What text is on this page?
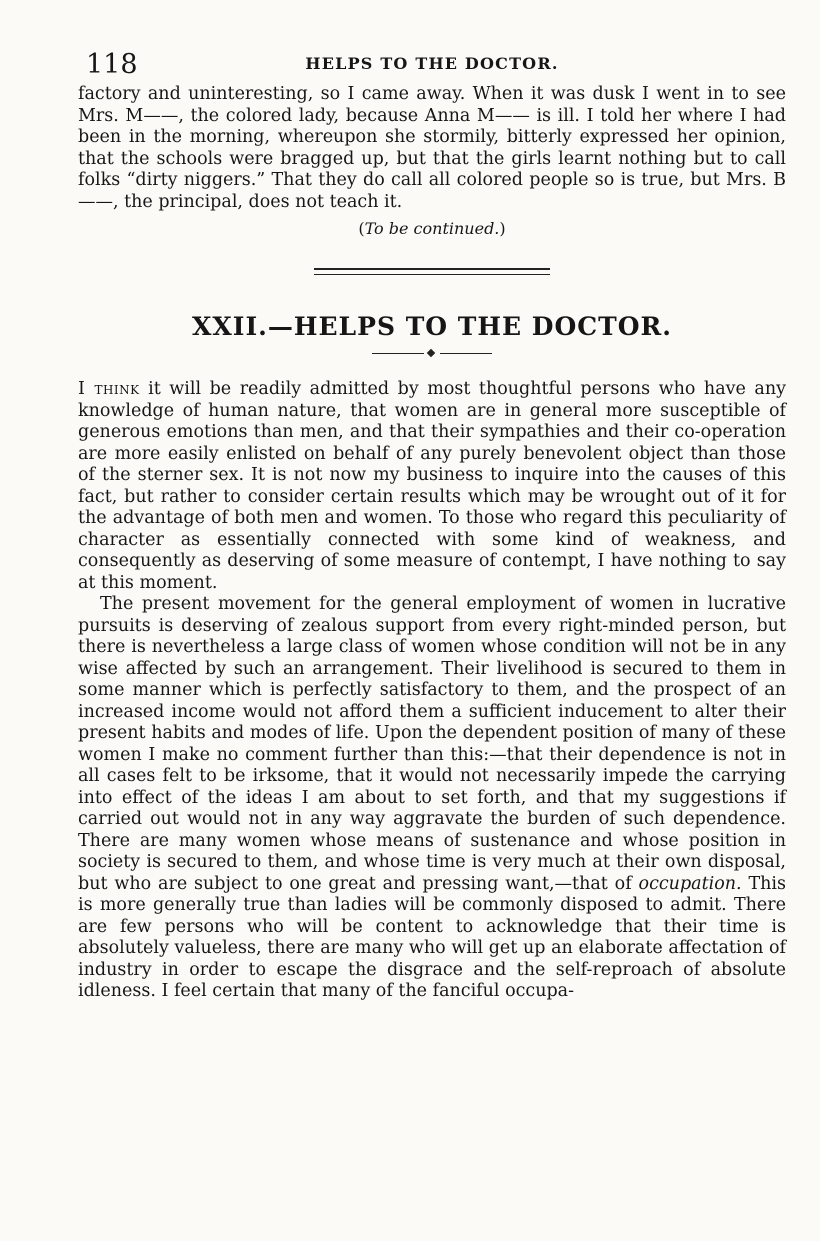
118	HELPS TO THE DOCTOR.

factory and uninteresting, so I came away. When it was dusk I went in to see Mrs. M——, the colored lady, because Anna M—— is ill. I told her where I had been in the morning, whereupon she stormily, bitterly expressed her opinion, that the schools were bragged up, but that the girls learnt nothing but to call folks “dirty niggers.” That they do call all colored people so is true, but Mrs. B——, the principal, does not teach it.

(To be continued.)

XXII.—HELPS TO THE DOCTOR.

I think it will be readily admitted by most thoughtful persons who have any knowledge of human nature, that women are in general more susceptible of generous emotions than men, and that their sympathies and their co-operation are more easily enlisted on behalf of any purely benevolent object than those of the sterner sex. It is not now my business to inquire into the causes of this fact, but rather to consider certain results which may be wrought out of it for the advantage of both men and women. To those who regard this peculiarity of character as essentially connected with some kind of weakness, and consequently as deserving of some measure of contempt, I have nothing to say at this moment.

The present movement for the general employment of women in lucrative pursuits is deserving of zealous support from every right-minded person, but there is nevertheless a large class of women whose condition will not be in any wise affected by such an arrangement. Their livelihood is secured to them in some manner which is perfectly satisfactory to them, and the prospect of an increased income would not afford them a sufficient inducement to alter their present habits and modes of life. Upon the dependent position of many of these women I make no comment further than this:—that their dependence is not in all cases felt to be irksome, that it would not necessarily impede the carrying into effect of the ideas I am about to set forth, and that my suggestions if carried out would not in any way aggravate the burden of such dependence. There are many women whose means of sustenance and whose position in society is secured to them, and whose time is very much at their own disposal, but who are subject to one great and pressing want,—that of occupation. This is more generally true than ladies will be commonly disposed to admit. There are few persons who will be content to acknowledge that their time is absolutely valueless, there are many who will get up an elaborate affectation of industry in order to escape the disgrace and the self-reproach of absolute idleness. I feel certain that many of the fanciful occupa-
